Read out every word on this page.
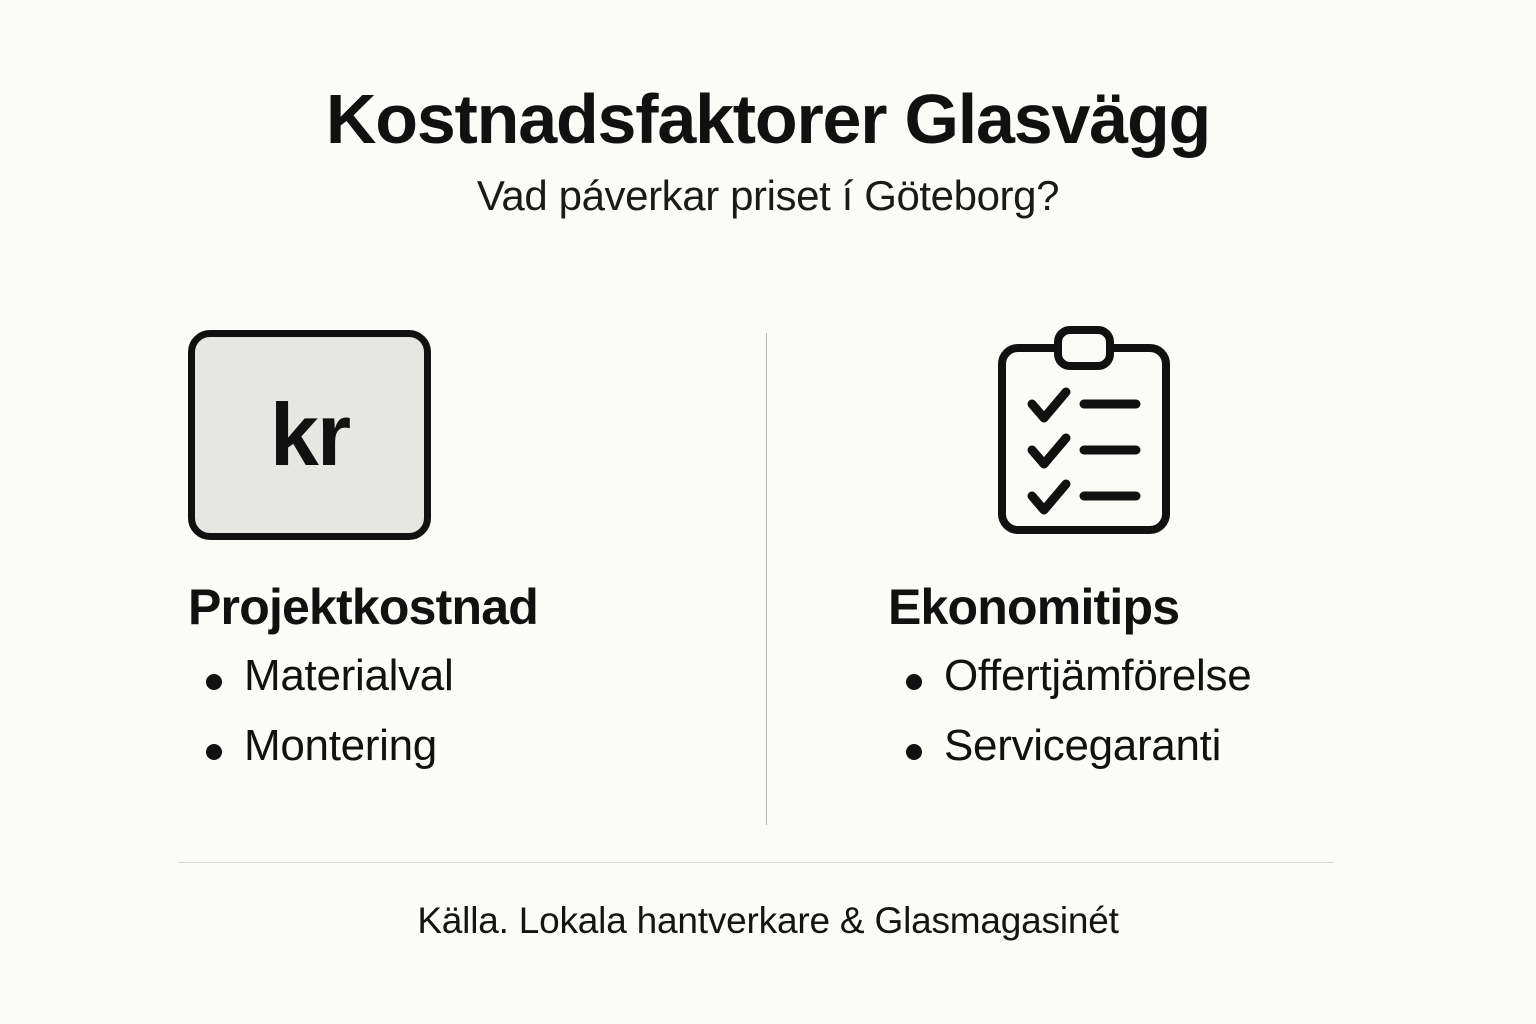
Kostnadsfaktorer Glasvägg

Vad páverkar priset í Göteborg?

kr
Projektkostnad
Materialval
Montering
Ekonomitips
Offertjämförelse
Servicegaranti
Källa. Lokala hantverkare & Glasmagasinét
